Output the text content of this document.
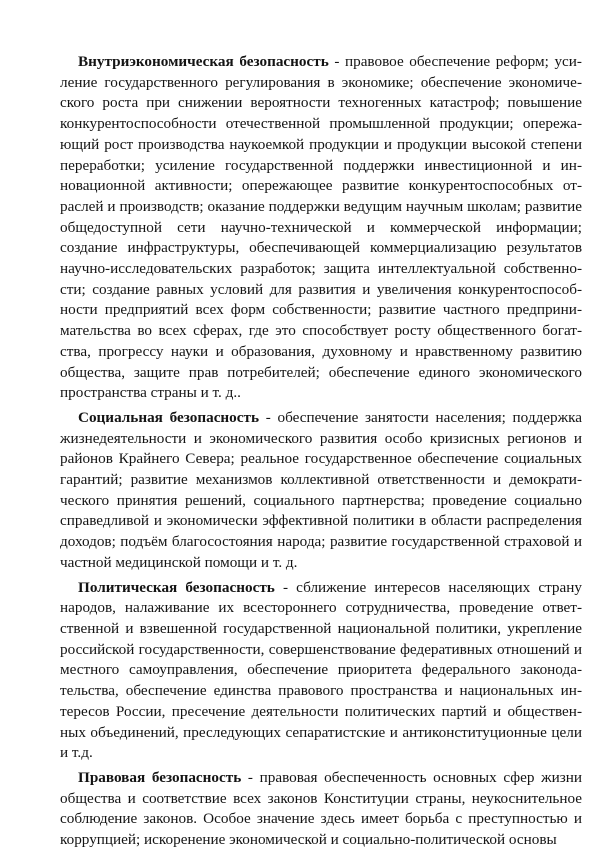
Внутриэкономическая безопасность - правовое обеспечение реформ; усиление государственного регулирования в экономике; обеспечение экономического роста при снижении вероятности техногенных катастроф; повышение конкурентоспособности отечественной промышленной продукции; опережающий рост производства наукоемкой продукции и продукции высокой степени переработки; усиление государственной поддержки инвестиционной и инновационной активности; опережающее развитие конкурентоспособных отраслей и производств; оказание поддержки ведущим научным школам; развитие общедоступной сети научно-технической и коммерческой информации; создание инфраструктуры, обеспечивающей коммерциализацию результатов научно-исследовательских разработок; защита интеллектуальной собственности; создание равных условий для развития и увеличения конкурентоспособности предприятий всех форм собственности; развитие частного предпринимательства во всех сферах, где это способствует росту общественного богатства, прогрессу науки и образования, духовному и нравственному развитию общества, защите прав потребителей; обеспечение единого экономического пространства страны и т. д..

Социальная безопасность - обеспечение занятости населения; поддержка жизнедеятельности и экономического развития особо кризисных регионов и районов Крайнего Севера; реальное государственное обеспечение социальных гарантий; развитие механизмов коллективной ответственности и демократического принятия решений, социального партнерства; проведение социально справедливой и экономически эффективной политики в области распределения доходов; подъём благосостояния народа; развитие государственной страховой и частной медицинской помощи и т. д.

Политическая безопасность - сближение интересов населяющих страну народов, налаживание их всестороннего сотрудничества, проведение ответственной и взвешенной государственной национальной политики, укрепление российской государственности, совершенствование федеративных отношений и местного самоуправления, обеспечение приоритета федерального законодательства, обеспечение единства правового пространства и национальных интересов России, пресечение деятельности политических партий и общественных объединений, преследующих сепаратистские и антиконституционные цели и т.д.

Правовая безопасность - правовая обеспеченность основных сфер жизни общества и соответствие всех законов Конституции страны, неукоснительное соблюдение законов. Особое значение здесь имеет борьба с преступностью и коррупцией; искоренение экономической и социально-политической основы
